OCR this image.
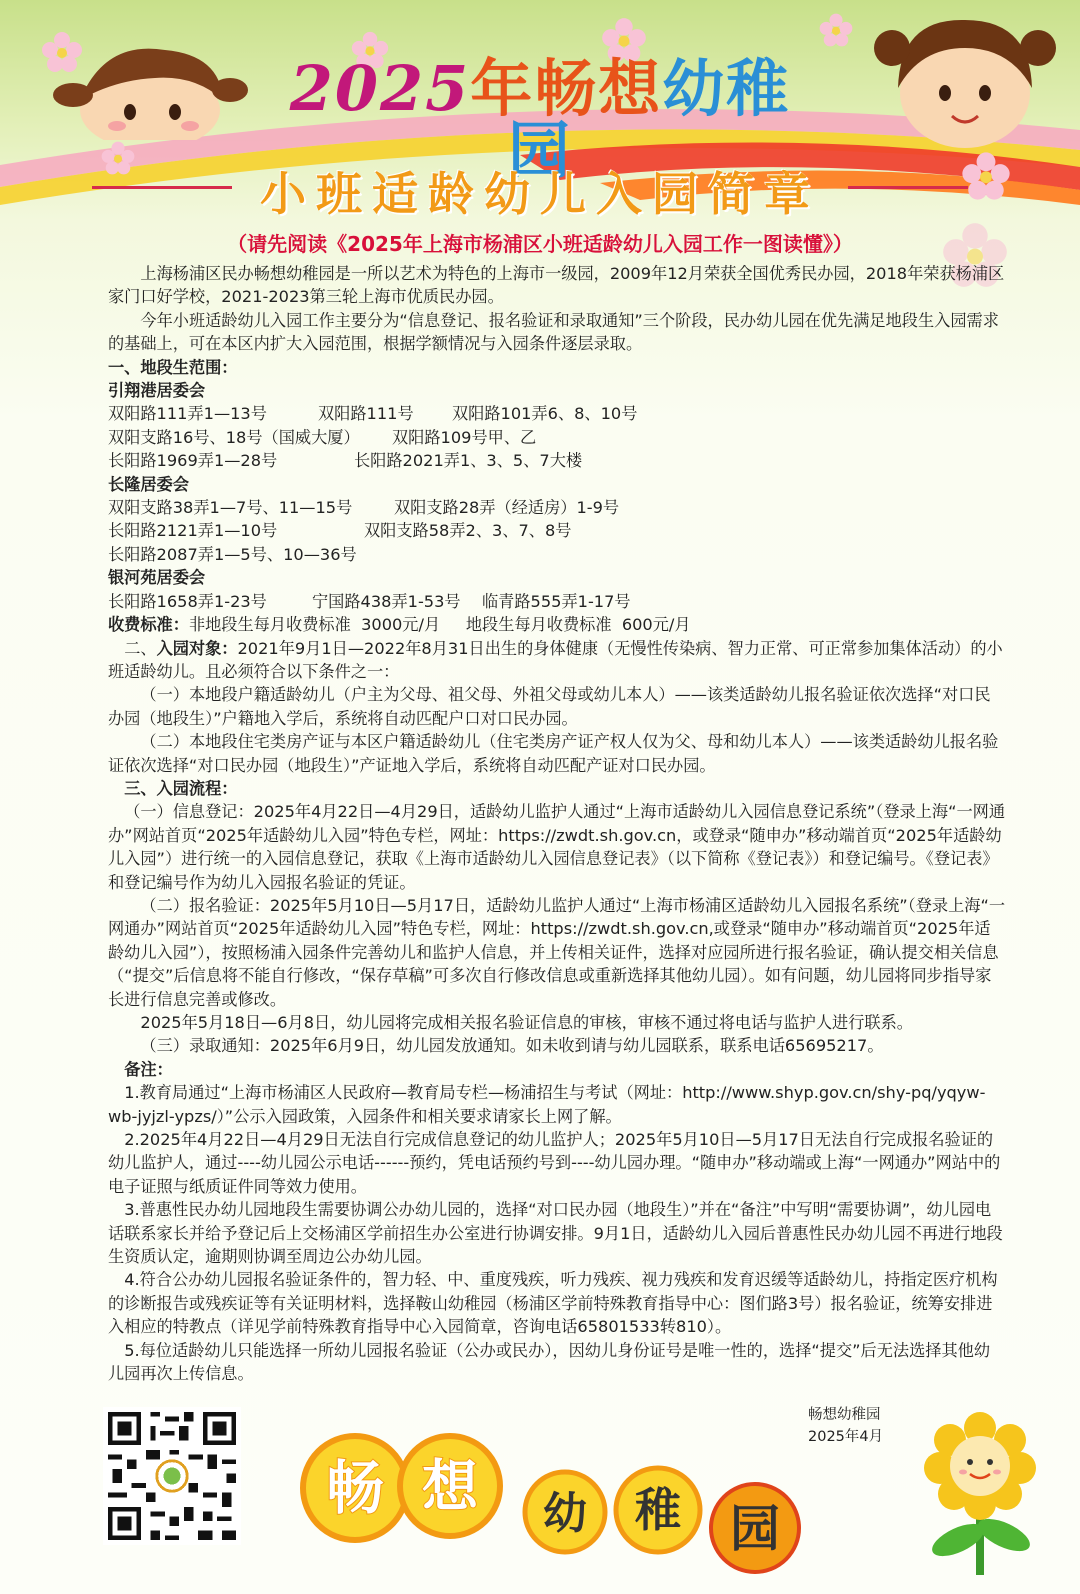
2025年畅想幼稚园
小班适龄幼儿入园简章
（请先阅读《2025年上海市杨浦区小班适龄幼儿入园工作一图读懂》）

上海杨浦区民办畅想幼稚园是一所以艺术为特色的上海市一级园，2009年12月荣获全国优秀民办园，2018年荣获杨浦区家门口好学校，2021-2023第三轮上海市优质民办园。

今年小班适龄幼儿入园工作主要分为“信息登记、报名验证和录取通知”三个阶段，民办幼儿园在优先满足地段生入园需求的基础上，可在本区内扩大入园范围，根据学额情况与入园条件逐层录取。

一、地段生范围：

引翔港居委会

双阳路111弄1—13号	双阳路111号 双阳路101弄6、8、10号

双阳支路16号、18号（国威大厦） 双阳路109号甲、乙

长阳路1969弄1—28号	长阳路2021弄1、3、5、7大楼

长隆居委会

双阳支路38弄1—7号、11—15号	双阳支路28弄（经适房）1-9号

长阳路2121弄1—10号	双阳支路58弄2、3、7、8号

长阳路2087弄1—5号、10—36号

银河苑居委会

长阳路1658弄1-23号	宁国路438弄1-53号 临青路555弄1-17号

收费标准：非地段生每月收费标准  3000元/月     地段生每月收费标准  600元/月

二、入园对象：2021年9月1日—2022年8月31日出生的身体健康（无慢性传染病、智力正常、可正常参加集体活动）的小班适龄幼儿。且必须符合以下条件之一：

（一）本地段户籍适龄幼儿（户主为父母、祖父母、外祖父母或幼儿本人）——该类适龄幼儿报名验证依次选择“对口民办园（地段生）”户籍地入学后，系统将自动匹配户口对口民办园。

（二）本地段住宅类房产证与本区户籍适龄幼儿（住宅类房产证产权人仅为父、母和幼儿本人）——该类适龄幼儿报名验证依次选择“对口民办园（地段生）”产证地入学后，系统将自动匹配产证对口民办园。

三、入园流程：

（一）信息登记：2025年4月22日—4月29日，适龄幼儿监护人通过“上海市适龄幼儿入园信息登记系统”（登录上海“一网通办”网站首页“2025年适龄幼儿入园”特色专栏，网址：https://zwdt.sh.gov.cn，或登录“随申办”移动端首页“2025年适龄幼儿入园”）进行统一的入园信息登记，获取《上海市适龄幼儿入园信息登记表》（以下简称《登记表》）和登记编号。《登记表》和登记编号作为幼儿入园报名验证的凭证。

（二）报名验证：2025年5月10日—5月17日，适龄幼儿监护人通过“上海市杨浦区适龄幼儿入园报名系统”（登录上海“一网通办”网站首页“2025年适龄幼儿入园”特色专栏，网址：https://zwdt.sh.gov.cn,或登录“随申办”移动端首页“2025年适龄幼儿入园”），按照杨浦入园条件完善幼儿和监护人信息，并上传相关证件，选择对应园所进行报名验证，确认提交相关信息（“提交”后信息将不能自行修改，“保存草稿”可多次自行修改信息或重新选择其他幼儿园）。如有问题，幼儿园将同步指导家长进行信息完善或修改。

2025年5月18日—6月8日，幼儿园将完成相关报名验证信息的审核，审核不通过将电话与监护人进行联系。

（三）录取通知：2025年6月9日，幼儿园发放通知。如未收到请与幼儿园联系，联系电话65695217。

备注：

1.教育局通过“上海市杨浦区人民政府—教育局专栏—杨浦招生与考试（网址：http://www.shyp.gov.cn/shy-pq/yqyw-wb-jyjzl-ypzs/）”公示入园政策，入园条件和相关要求请家长上网了解。

2.2025年4月22日—4月29日无法自行完成信息登记的幼儿监护人；2025年5月10日—5月17日无法自行完成报名验证的幼儿监护人，通过----幼儿园公示电话------预约，凭电话预约号到----幼儿园办理。“随申办”移动端或上海“一网通办”网站中的电子证照与纸质证件同等效力使用。

3.普惠性民办幼儿园地段生需要协调公办幼儿园的，选择“对口民办园（地段生）”并在“备注”中写明“需要协调”，幼儿园电话联系家长并给予登记后上交杨浦区学前招生办公室进行协调安排。9月1日，适龄幼儿入园后普惠性民办幼儿园不再进行地段生资质认定，逾期则协调至周边公办幼儿园。

4.符合公办幼儿园报名验证条件的，智力轻、中、重度残疾，听力残疾、视力残疾和发育迟缓等适龄幼儿，持指定医疗机构的诊断报告或残疾证等有关证明材料，选择鞍山幼稚园（杨浦区学前特殊教育指导中心：图们路3号）报名验证，统筹安排进入相应的特教点（详见学前特殊教育指导中心入园简章，咨询电话65801533转810）。

5.每位适龄幼儿只能选择一所幼儿园报名验证（公办或民办），因幼儿身份证号是唯一性的，选择“提交”后无法选择其他幼儿园再次上传信息。

畅想幼稚园
2025年4月
畅 想 幼 稚 园
